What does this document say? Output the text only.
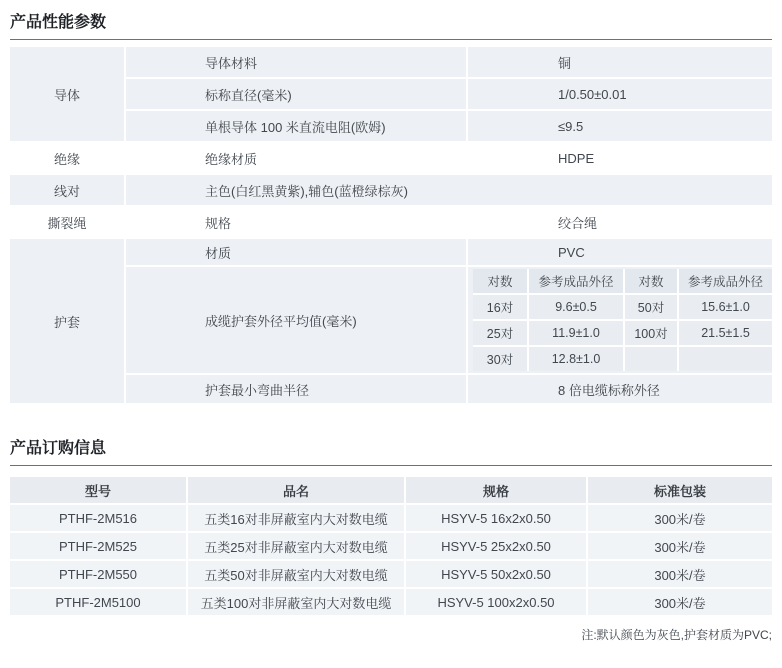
产品性能参数
导体
导体材料	铜
标称直径(毫米)	1/0.50±0.01
单根导体 100 米直流电阻(欧姆)	≤9.5
绝缘	绝缘材质	HDPE
线对	主色(白红黑黄紫),辅色(蓝橙绿棕灰)
撕裂绳	规格	绞合绳
护套
材质	PVC
成缆护套外径平均值(毫米)
对数	参考成品外径	对数	参考成品外径
16对	9.6±0.5	50对	15.6±1.0
25对	11.9±1.0	100对	21.5±1.5
30对	12.8±1.0
护套最小弯曲半径	8 倍电缆标称外径
产品订购信息
型号	品名	规格	标准包装
PTHF-2M516	五类16对非屏蔽室内大对数电缆	HSYV-5 16x2x0.50	300米/卷
PTHF-2M525	五类25对非屏蔽室内大对数电缆	HSYV-5 25x2x0.50	300米/卷
PTHF-2M550	五类50对非屏蔽室内大对数电缆	HSYV-5 50x2x0.50	300米/卷
PTHF-2M5100	五类100对非屏蔽室内大对数电缆	HSYV-5 100x2x0.50	300米/卷
注:默认颜色为灰色,护套材质为PVC;
